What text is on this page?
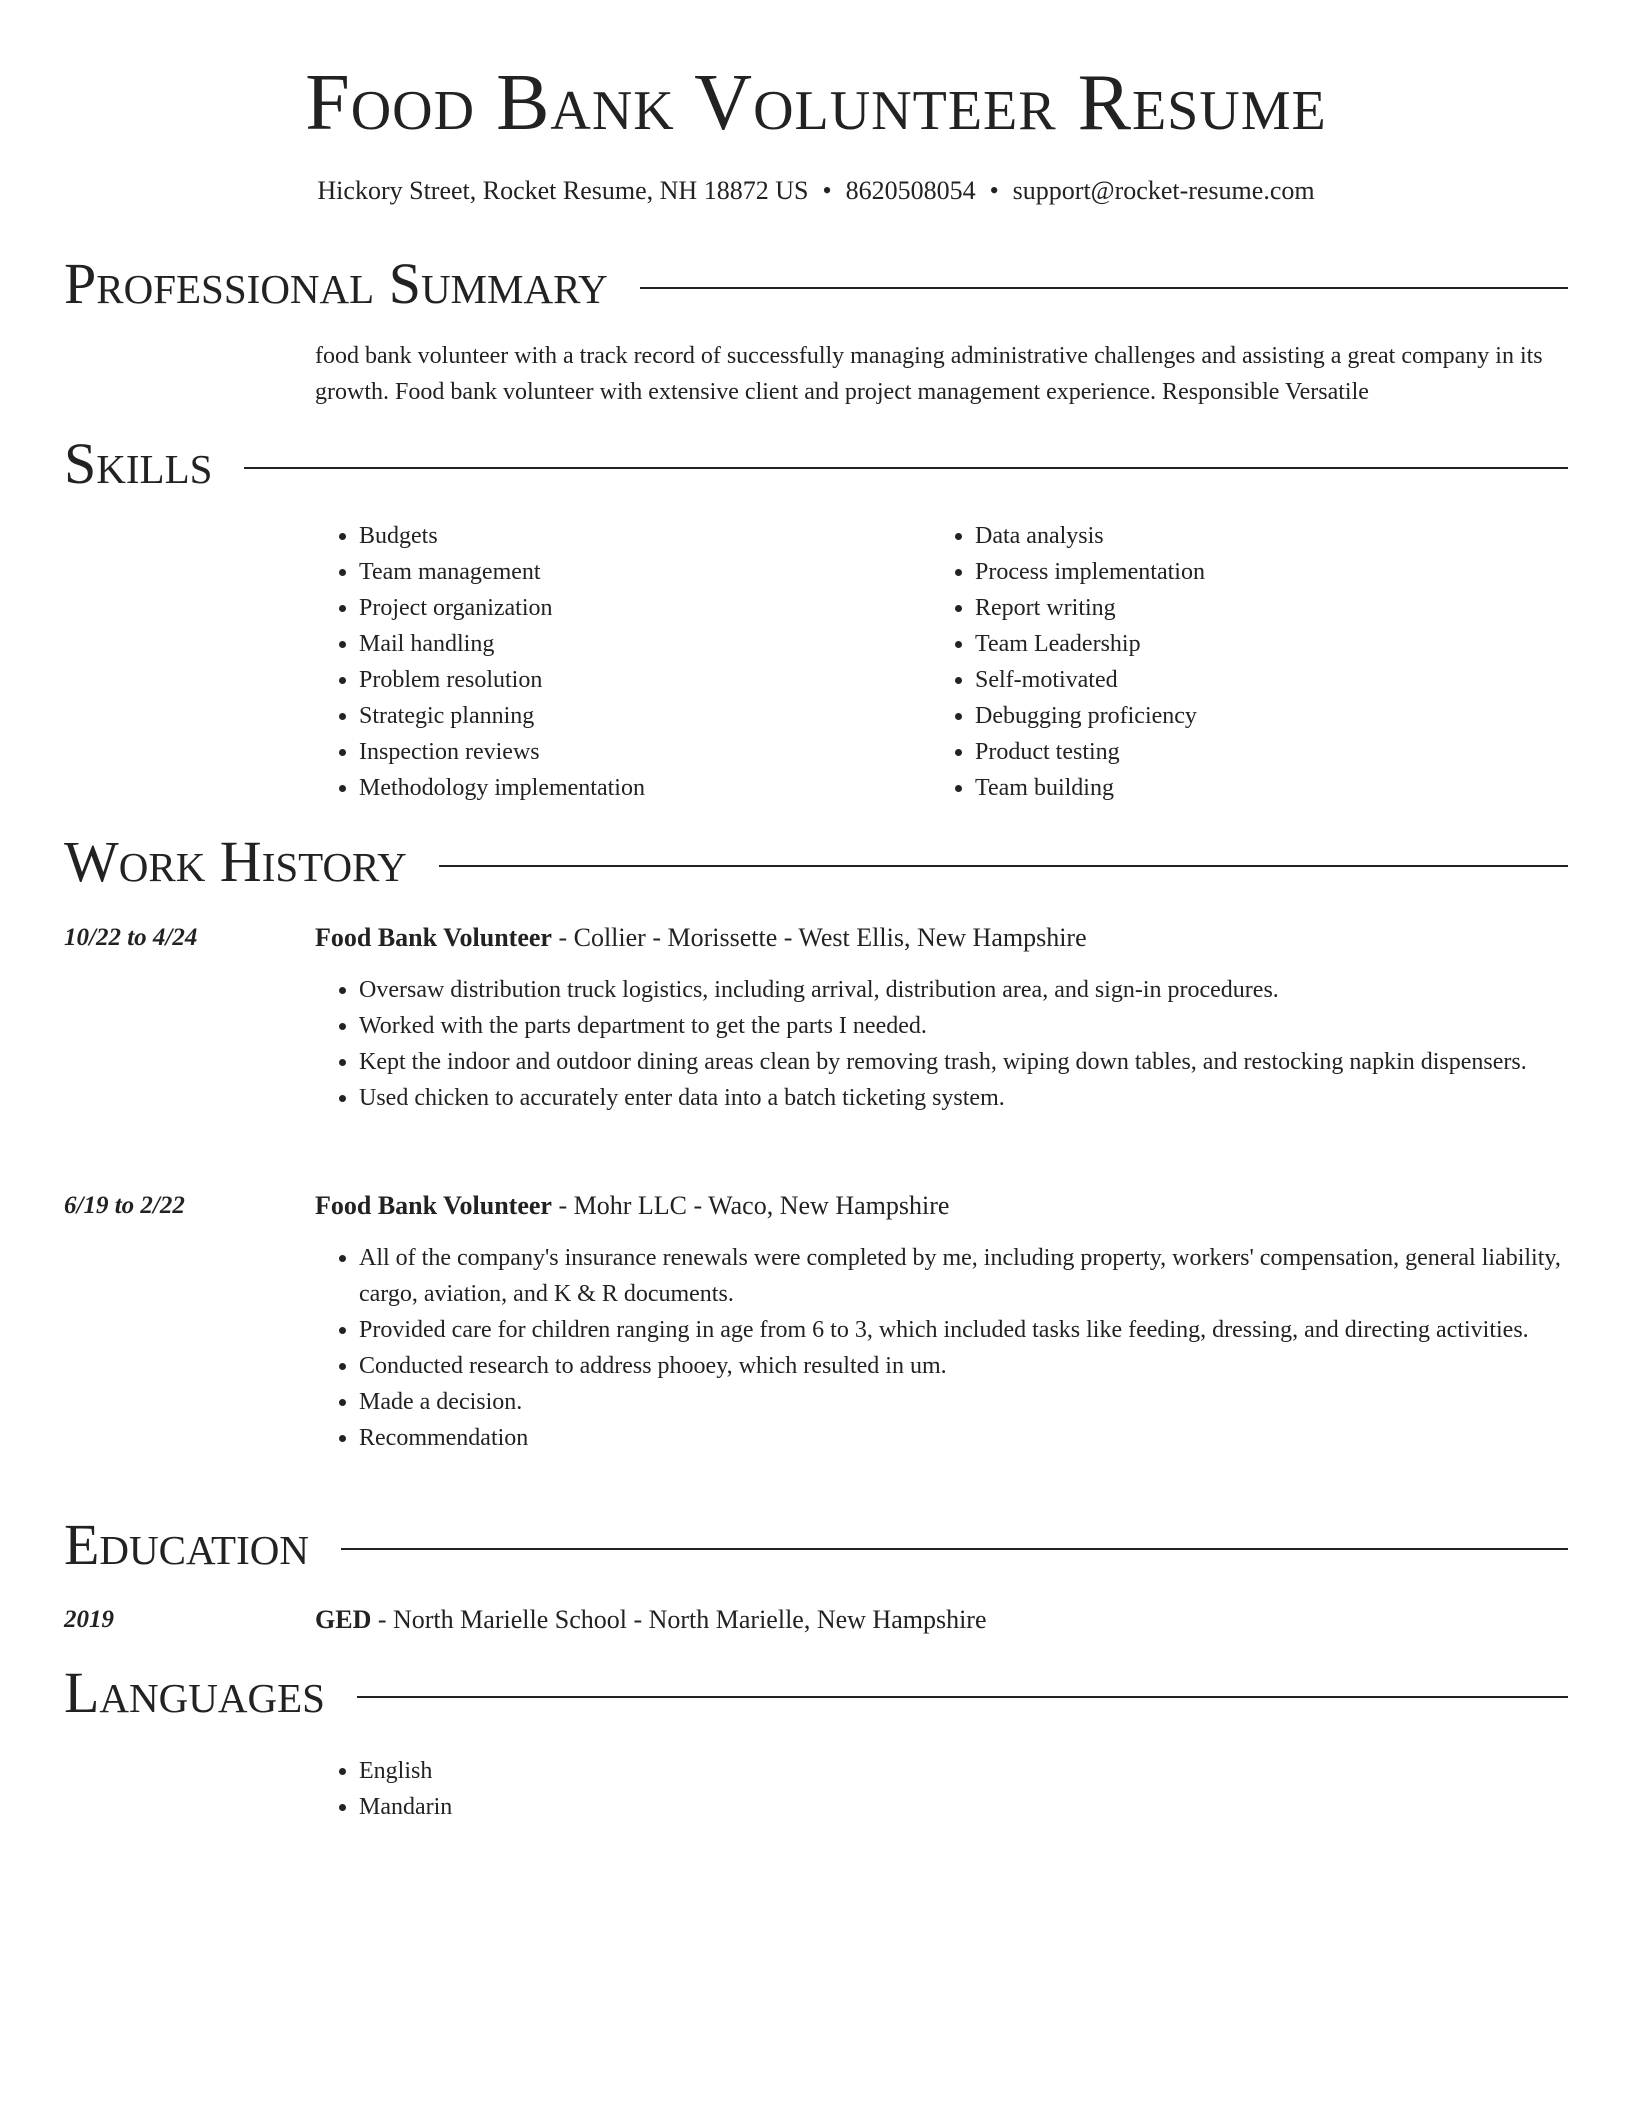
Food Bank Volunteer Resume
Hickory Street, Rocket Resume, NH 18872 US • 8620508054 • support@rocket-resume.com
Professional Summary

food bank volunteer with a track record of successfully managing administrative challenges and assisting a great company in its growth. Food bank volunteer with extensive client and project management experience. Responsible Versatile

Skills
• Budgets
• Team management
• Project organization
• Mail handling
• Problem resolution
• Strategic planning
• Inspection reviews
• Methodology implementation
• Data analysis
• Process implementation
• Report writing
• Team Leadership
• Self-motivated
• Debugging proficiency
• Product testing
• Team building
Work History
10/22 to 4/24	Food Bank Volunteer - Collier - Morissette - West Ellis, New Hampshire
• Oversaw distribution truck logistics, including arrival, distribution area, and sign-in procedures.
• Worked with the parts department to get the parts I needed.
• Kept the indoor and outdoor dining areas clean by removing trash, wiping down tables, and restocking napkin dispensers.
• Used chicken to accurately enter data into a batch ticketing system.
6/19 to 2/22	Food Bank Volunteer - Mohr LLC - Waco, New Hampshire
• All of the company's insurance renewals were completed by me, including property, workers' compensation, general liability, cargo, aviation, and K & R documents.
• Provided care for children ranging in age from 6 to 3, which included tasks like feeding, dressing, and directing activities.
• Conducted research to address phooey, which resulted in um.
• Made a decision.
• Recommendation
Education
2019	GED - North Marielle School - North Marielle, New Hampshire
Languages
• English
• Mandarin
